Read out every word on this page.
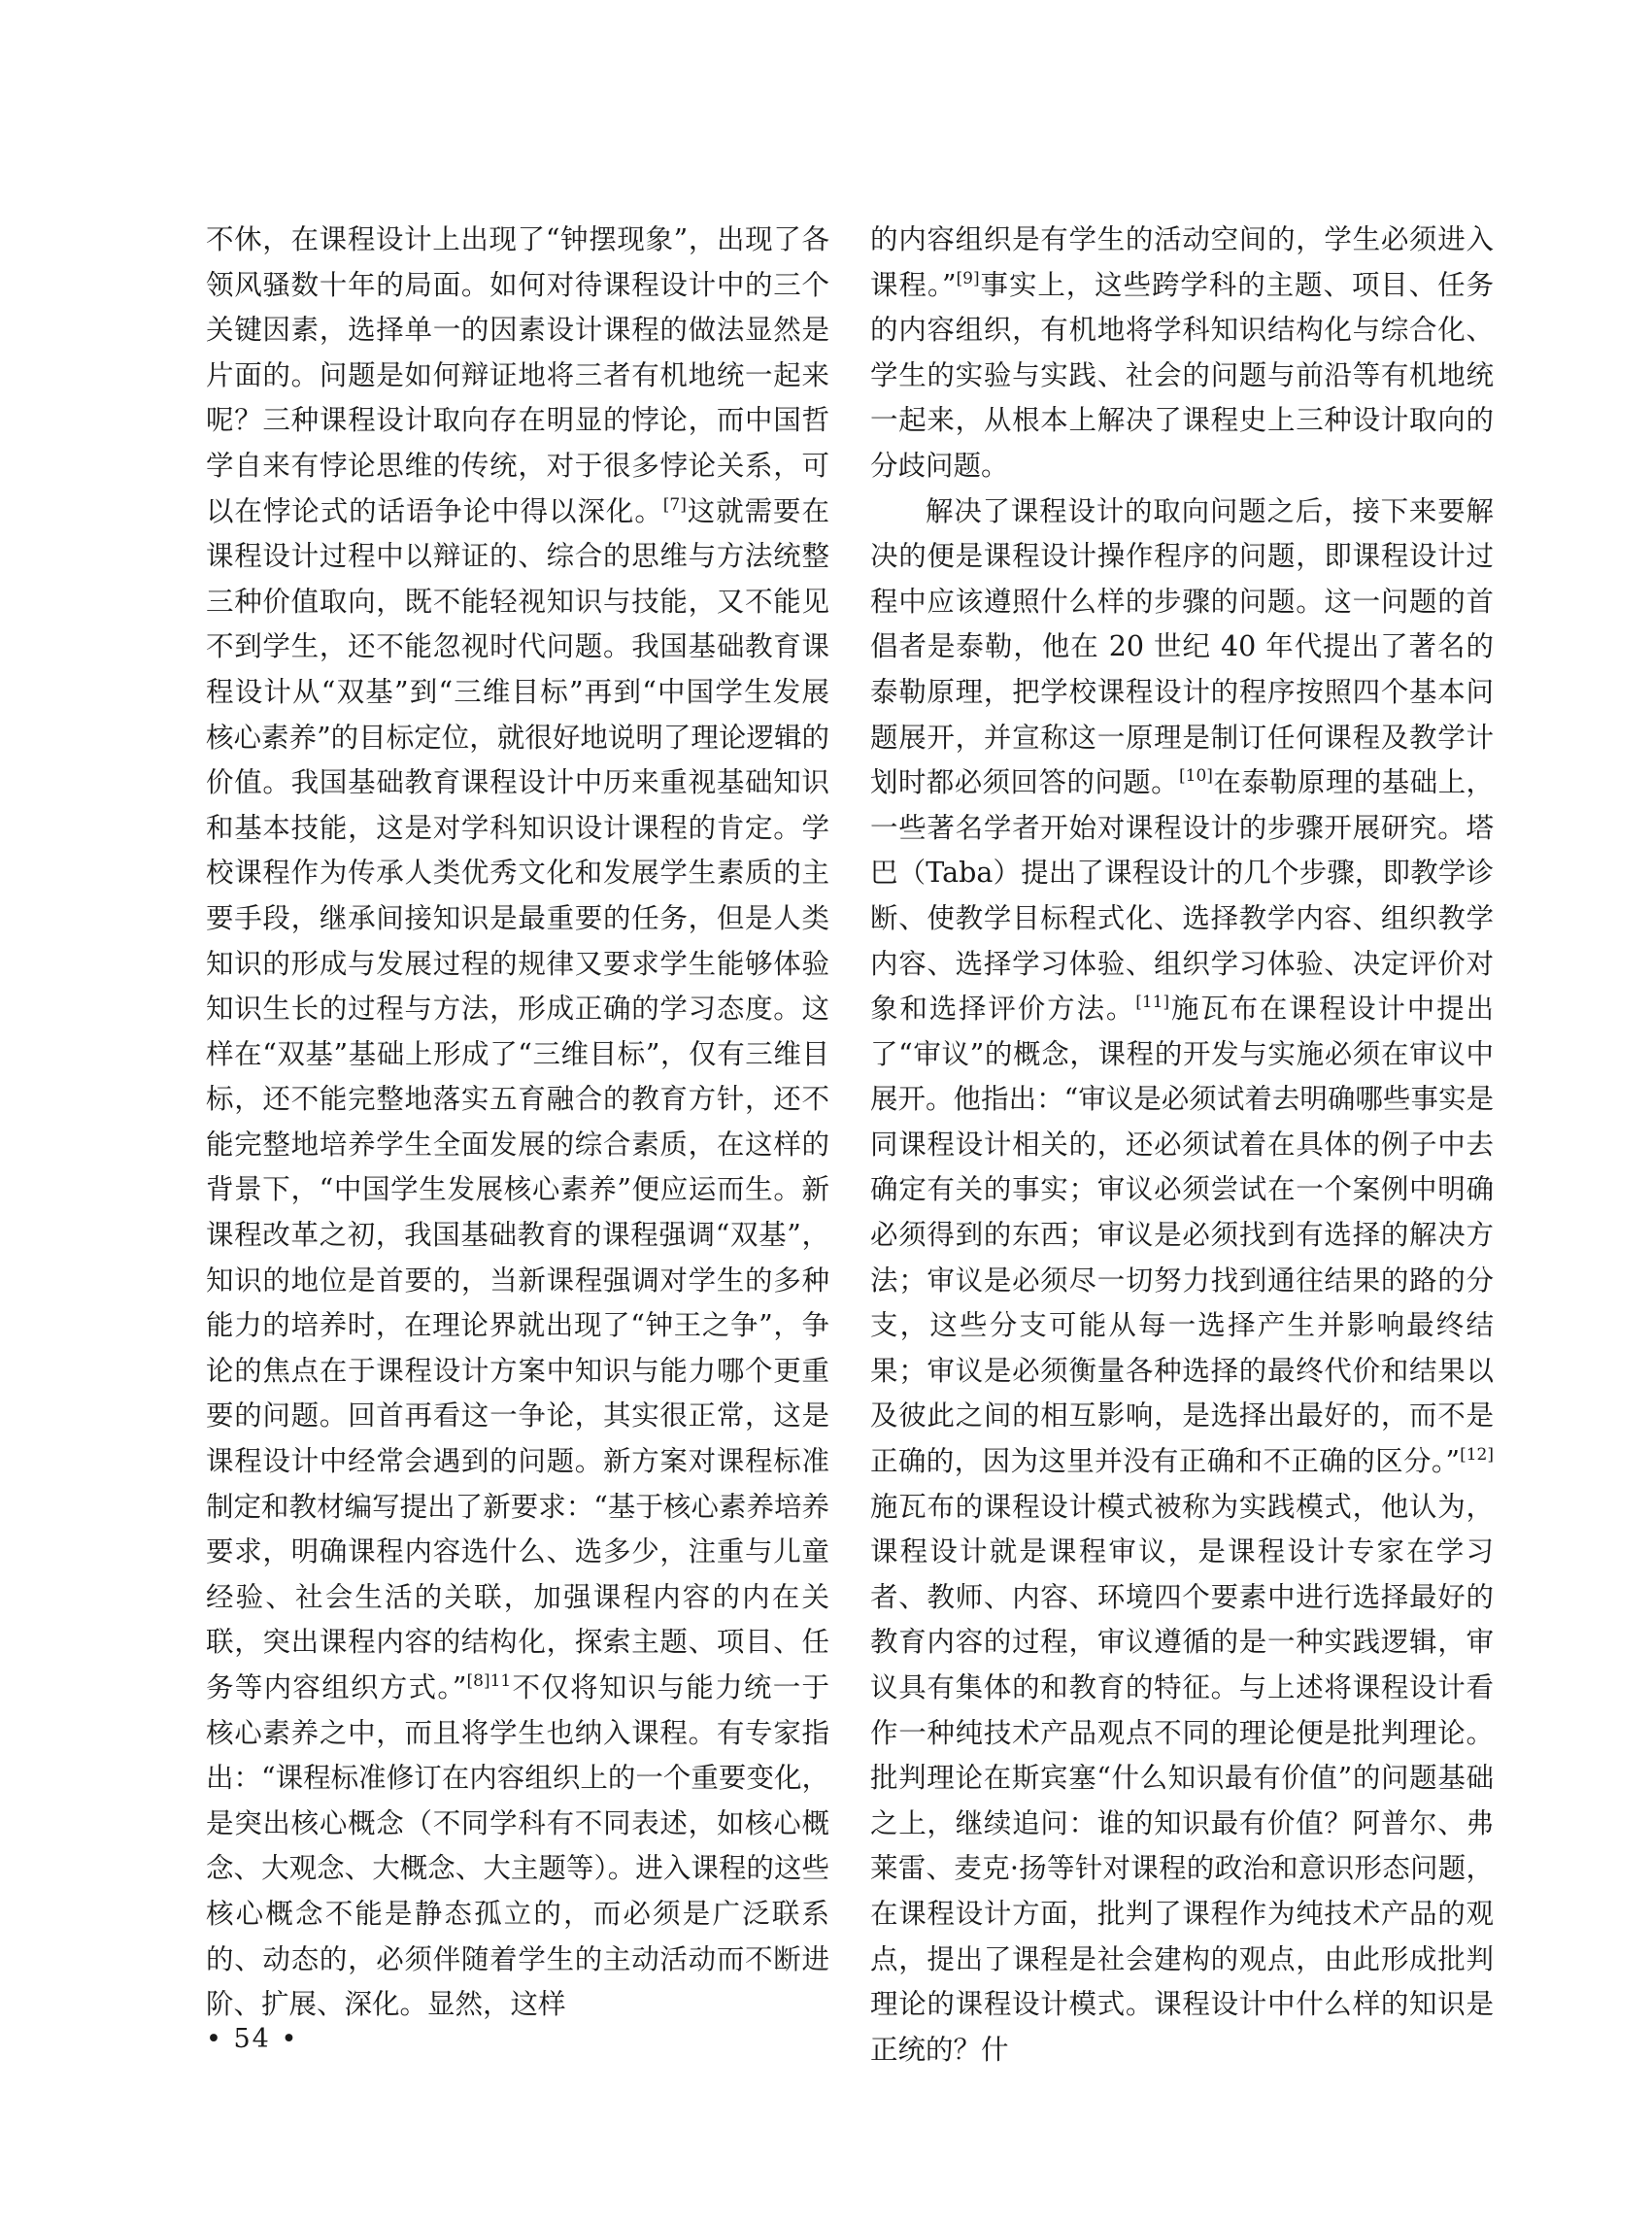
不休，在课程设计上出现了“钟摆现象”，出现了各领风骚数十年的局面。如何对待课程设计中的三个关键因素，选择单一的因素设计课程的做法显然是片面的。问题是如何辩证地将三者有机地统一起来呢？三种课程设计取向存在明显的悖论，而中国哲学自来有悖论思维的传统，对于很多悖论关系，可以在悖论式的话语争论中得以深化。[7]这就需要在课程设计过程中以辩证的、综合的思维与方法统整三种价值取向，既不能轻视知识与技能，又不能见不到学生，还不能忽视时代问题。我国基础教育课程设计从“双基”到“三维目标”再到“中国学生发展核心素养”的目标定位，就很好地说明了理论逻辑的价值。我国基础教育课程设计中历来重视基础知识和基本技能，这是对学科知识设计课程的肯定。学校课程作为传承人类优秀文化和发展学生素质的主要手段，继承间接知识是最重要的任务，但是人类知识的形成与发展过程的规律又要求学生能够体验知识生长的过程与方法，形成正确的学习态度。这样在“双基”基础上形成了“三维目标”，仅有三维目标，还不能完整地落实五育融合的教育方针，还不能完整地培养学生全面发展的综合素质，在这样的背景下，“中国学生发展核心素养”便应运而生。新课程改革之初，我国基础教育的课程强调“双基”，知识的地位是首要的，当新课程强调对学生的多种能力的培养时，在理论界就出现了“钟王之争”，争论的焦点在于课程设计方案中知识与能力哪个更重要的问题。回首再看这一争论，其实很正常，这是课程设计中经常会遇到的问题。新方案对课程标准制定和教材编写提出了新要求：“基于核心素养培养要求，明确课程内容选什么、选多少，注重与儿童经验、社会生活的关联，加强课程内容的内在关联，突出课程内容的结构化，探索主题、项目、任务等内容组织方式。”$^{[8]11}$不仅将知识与能力统一于核心素养之中，而且将学生也纳入课程。有专家指出：“课程标准修订在内容组织上的一个重要变化，是突出核心概念（不同学科有不同表述，如核心概念、大观念、大概念、大主题等）。进入课程的这些核心概念不能是静态孤立的，而必须是广泛联系的、动态的，必须伴随着学生的主动活动而不断进阶、扩展、深化。显然，这样

的内容组织是有学生的活动空间的，学生必须进入课程。”[9]事实上，这些跨学科的主题、项目、任务的内容组织，有机地将学科知识结构化与综合化、学生的实验与实践、社会的问题与前沿等有机地统一起来，从根本上解决了课程史上三种设计取向的分歧问题。

解决了课程设计的取向问题之后，接下来要解决的便是课程设计操作程序的问题，即课程设计过程中应该遵照什么样的步骤的问题。这一问题的首倡者是泰勒，他在 20 世纪 40 年代提出了著名的泰勒原理，把学校课程设计的程序按照四个基本问题展开，并宣称这一原理是制订任何课程及教学计划时都必须回答的问题。[10]在泰勒原理的基础上，一些著名学者开始对课程设计的步骤开展研究。塔巴（Taba）提出了课程设计的几个步骤，即教学诊断、使教学目标程式化、选择教学内容、组织教学内容、选择学习体验、组织学习体验、决定评价对象和选择评价方法。[11]施瓦布在课程设计中提出了“审议”的概念，课程的开发与实施必须在审议中展开。他指出：“审议是必须试着去明确哪些事实是同课程设计相关的，还必须试着在具体的例子中去确定有关的事实；审议必须尝试在一个案例中明确必须得到的东西；审议是必须找到有选择的解决方法；审议是必须尽一切努力找到通往结果的路的分支，这些分支可能从每一选择产生并影响最终结果；审议是必须衡量各种选择的最终代价和结果以及彼此之间的相互影响，是选择出最好的，而不是正确的，因为这里并没有正确和不正确的区分。”[12]施瓦布的课程设计模式被称为实践模式，他认为，课程设计就是课程审议，是课程设计专家在学习者、教师、内容、环境四个要素中进行选择最好的教育内容的过程，审议遵循的是一种实践逻辑，审议具有集体的和教育的特征。与上述将课程设计看作一种纯技术产品观点不同的理论便是批判理论。批判理论在斯宾塞“什么知识最有价值”的问题基础之上，继续追问：谁的知识最有价值？阿普尔、弗莱雷、麦克·扬等针对课程的政治和意识形态问题，在课程设计方面，批判了课程作为纯技术产品的观点，提出了课程是社会建构的观点，由此形成批判理论的课程设计模式。课程设计中什么样的知识是正统的？什

• 54 •
